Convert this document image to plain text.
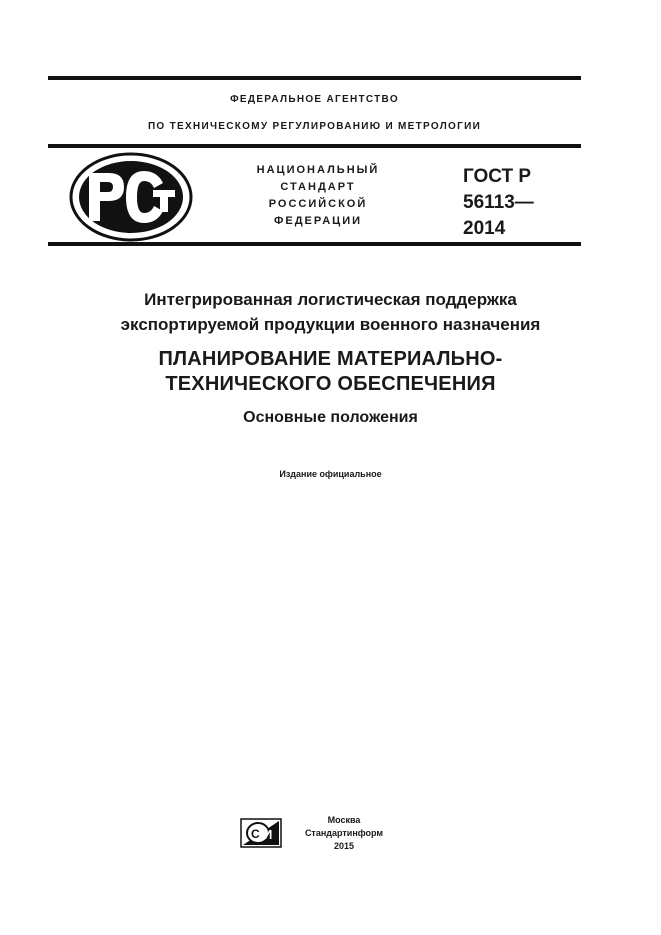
ФЕДЕРАЛЬНОЕ АГЕНТСТВО
ПО ТЕХНИЧЕСКОМУ РЕГУЛИРОВАНИЮ И МЕТРОЛОГИИ
НАЦИОНАЛЬНЫЙ
СТАНДАРТ
РОССИЙСКОЙ
ФЕДЕРАЦИИ
ГОСТ Р
56113—
2014
Интегрированная логистическая поддержка
экспортируемой продукции военного назначения
ПЛАНИРОВАНИЕ МАТЕРИАЛЬНО-
ТЕХНИЧЕСКОГО ОБЕСПЕЧЕНИЯ
Основные положения
Издание официальное
С И
Москва
Стандартинформ
2015
